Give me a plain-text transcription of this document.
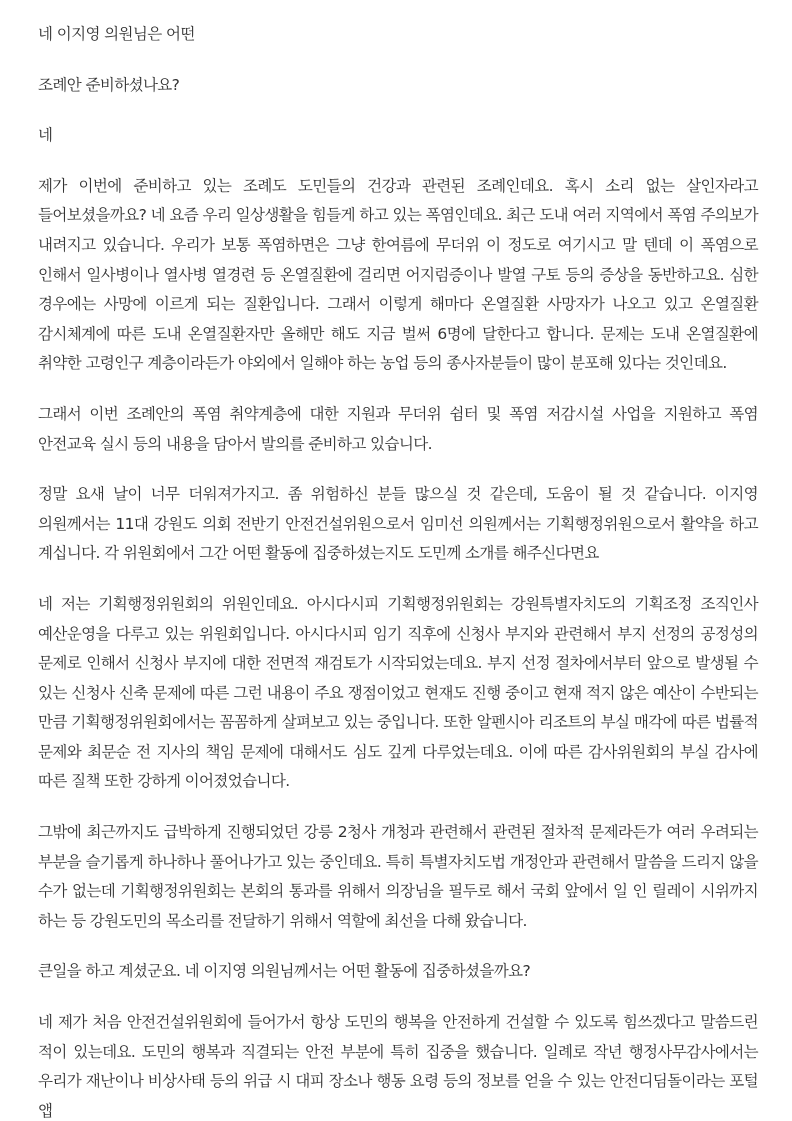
네 이지영 의원님은 어떤

조례안 준비하셨나요?

네

제가 이번에 준비하고 있는 조례도 도민들의 건강과 관련된 조례인데요. 혹시 소리 없는 살인자라고 들어보셨을까요? 네 요즘 우리 일상생활을 힘들게 하고 있는 폭염인데요. 최근 도내 여러 지역에서 폭염 주의보가 내려지고 있습니다. 우리가 보통 폭염하면은 그냥 한여름에 무더위 이 정도로 여기시고 말 텐데 이 폭염으로 인해서 일사병이나 열사병 열경련 등 온열질환에 걸리면 어지럼증이나 발열 구토 등의 증상을 동반하고요. 심한 경우에는 사망에 이르게 되는 질환입니다. 그래서 이렇게 해마다 온열질환 사망자가 나오고 있고 온열질환 감시체계에 따른 도내 온열질환자만 올해만 해도 지금 벌써 6명에 달한다고 합니다. 문제는 도내 온열질환에 취약한 고령인구 계층이라든가 야외에서 일해야 하는 농업 등의 종사자분들이 많이 분포해 있다는 것인데요.

그래서 이번 조례안의 폭염 취약계층에 대한 지원과 무더위 쉼터 및 폭염 저감시설 사업을 지원하고 폭염 안전교육 실시 등의 내용을 담아서 발의를 준비하고 있습니다.

정말 요새 날이 너무 더워져가지고. 좀 위험하신 분들 많으실 것 같은데, 도움이 될 것 같습니다. 이지영 의원께서는 11대 강원도 의회 전반기 안전건설위원으로서 임미선 의원께서는 기획행정위원으로서 활약을 하고 계십니다. 각 위원회에서 그간 어떤 활동에 집중하셨는지도 도민께 소개를 해주신다면요

네 저는 기획행정위원회의 위원인데요. 아시다시피 기획행정위원회는 강원특별자치도의 기획조정 조직인사 예산운영을 다루고 있는 위원회입니다. 아시다시피 임기 직후에 신청사 부지와 관련해서 부지 선정의 공정성의 문제로 인해서 신청사 부지에 대한 전면적 재검토가 시작되었는데요. 부지 선정 절차에서부터 앞으로 발생될 수 있는 신청사 신축 문제에 따른 그런 내용이 주요 쟁점이었고 현재도 진행 중이고 현재 적지 않은 예산이 수반되는 만큼 기획행정위원회에서는 꼼꼼하게 살펴보고 있는 중입니다. 또한 알펜시아 리조트의 부실 매각에 따른 법률적 문제와 최문순 전 지사의 책임 문제에 대해서도 심도 깊게 다루었는데요. 이에 따른 감사위원회의 부실 감사에 따른 질책 또한 강하게 이어졌었습니다.

그밖에 최근까지도 급박하게 진행되었던 강릉 2청사 개청과 관련해서 관련된 절차적 문제라든가 여러 우려되는 부분을 슬기롭게 하나하나 풀어나가고 있는 중인데요. 특히 특별자치도법 개정안과 관련해서 말씀을 드리지 않을 수가 없는데 기획행정위원회는 본회의 통과를 위해서 의장님을 필두로 해서 국회 앞에서 일 인 릴레이 시위까지 하는 등 강원도민의 목소리를 전달하기 위해서 역할에 최선을 다해 왔습니다.

큰일을 하고 계셨군요. 네 이지영 의원님께서는 어떤 활동에 집중하셨을까요?

네 제가 처음 안전건설위원회에 들어가서 항상 도민의 행복을 안전하게 건설할 수 있도록 힘쓰겠다고 말씀드린 적이 있는데요. 도민의 행복과 직결되는 안전 부분에 특히 집중을 했습니다. 일례로 작년 행정사무감사에서는 우리가 재난이나 비상사태 등의 위급 시 대피 장소나 행동 요령 등의 정보를 얻을 수 있는 안전디딤돌이라는 포털 앱
